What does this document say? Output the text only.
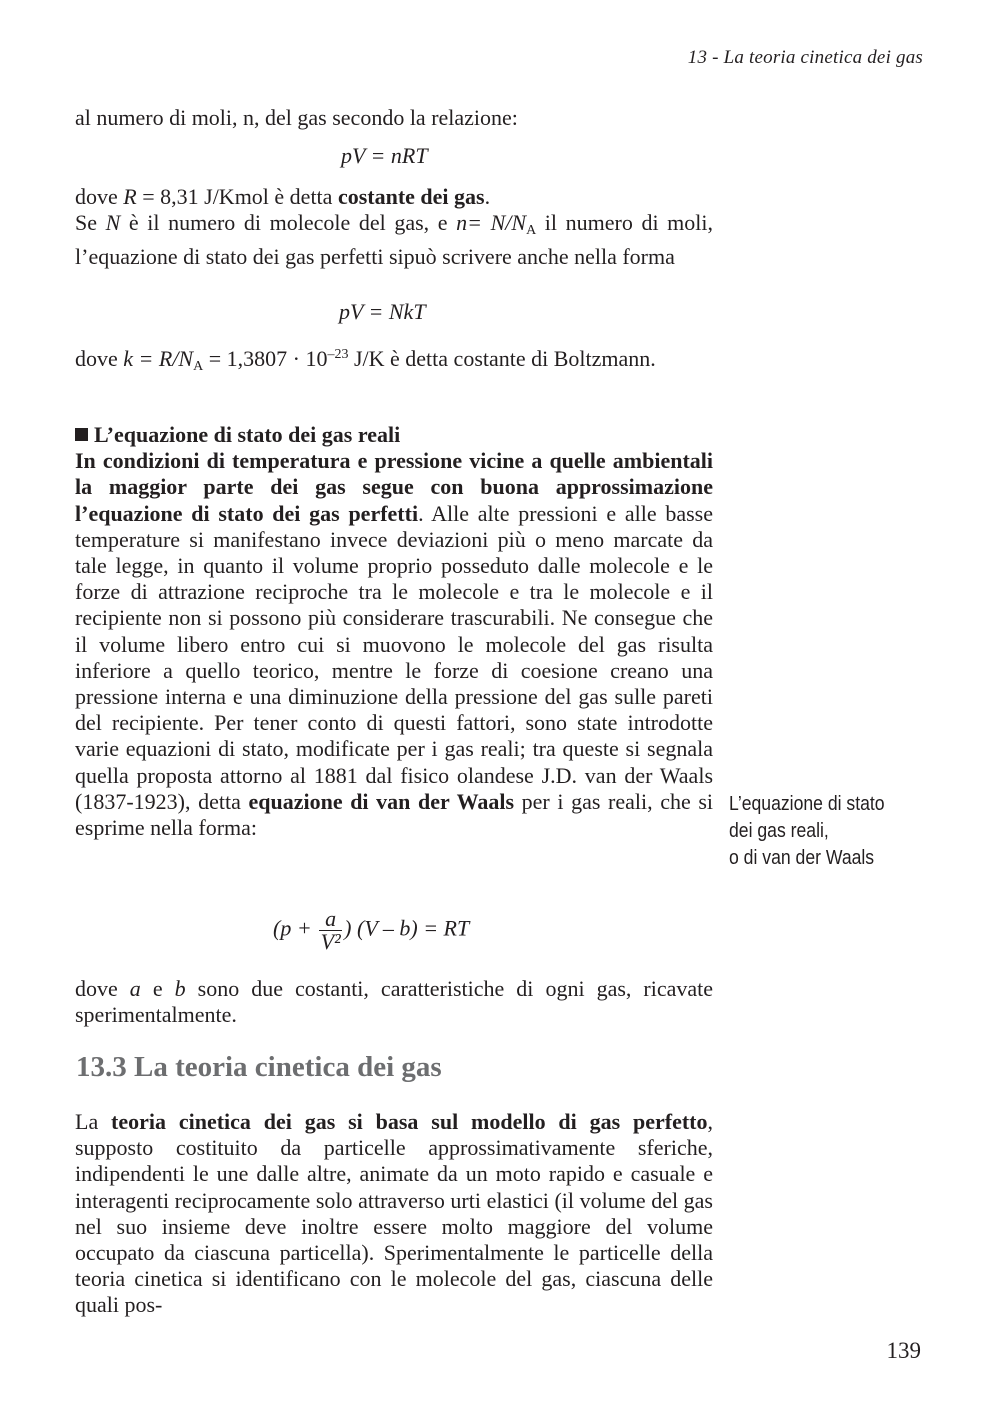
13 - La teoria cinetica dei gas

al numero di moli, n, del gas secondo la relazione:

pV = nRT

dove R = 8,31 J/Kmol è detta costante dei gas.

Se N è il numero di molecole del gas, e $n= N/N_A$ il numero di moli, l’equazione di stato dei gas perfetti sipuò scrivere anche nella forma

pV = NkT

dove $k = R/N_A = 1,3807 \cdot 10^{-23}$ J/K è detta costante di Boltzmann.

L’equazione di stato dei gas reali

In condizioni di temperatura e pressione vicine a quelle ambientali la maggior parte dei gas segue con buona approssimazione l’equazione di stato dei gas perfetti. Alle alte pressioni e alle basse temperature si manifestano invece deviazioni più o meno marcate da tale legge, in quanto il volume proprio posseduto dalle molecole e le forze di attrazione reciproche tra le molecole e tra le molecole e il recipiente non si possono più considerare trascurabili. Ne consegue che il volume libero entro cui si muovono le molecole del gas risulta inferiore a quello teorico, mentre le forze di coesione creano una pressione interna e una diminuzione della pressione del gas sulle pareti del recipiente. Per tener conto di questi fattori, sono state introdotte varie equazioni di stato, modificate per i gas reali; tra queste si segnala quella proposta attorno al 1881 dal fisico olandese J.D. van der Waals (1837-1923), detta equazione di van der Waals per i gas reali, che si esprime nella forma:

($p + \frac{a}{\text{V²}}$ ) (V – b) = RT

dove a e b sono due costanti, caratteristiche di ogni gas, ricavate sperimentalmente.

13.3 La teoria cinetica dei gas

La teoria cinetica dei gas si basa sul modello di gas perfetto, supposto costituito da particelle approssimativamente sferiche, indipendenti le une dalle altre, animate da un moto rapido e casuale e interagenti reciprocamente solo attraverso urti elastici (il volume del gas nel suo insieme deve inoltre essere molto maggiore del volume occupato da ciascuna particella). Sperimentalmente le particelle della teoria cinetica si identificano con le molecole del gas, ciascuna delle quali pos-

L’equazione di stato
dei gas reali,
o di van der Waals
139
